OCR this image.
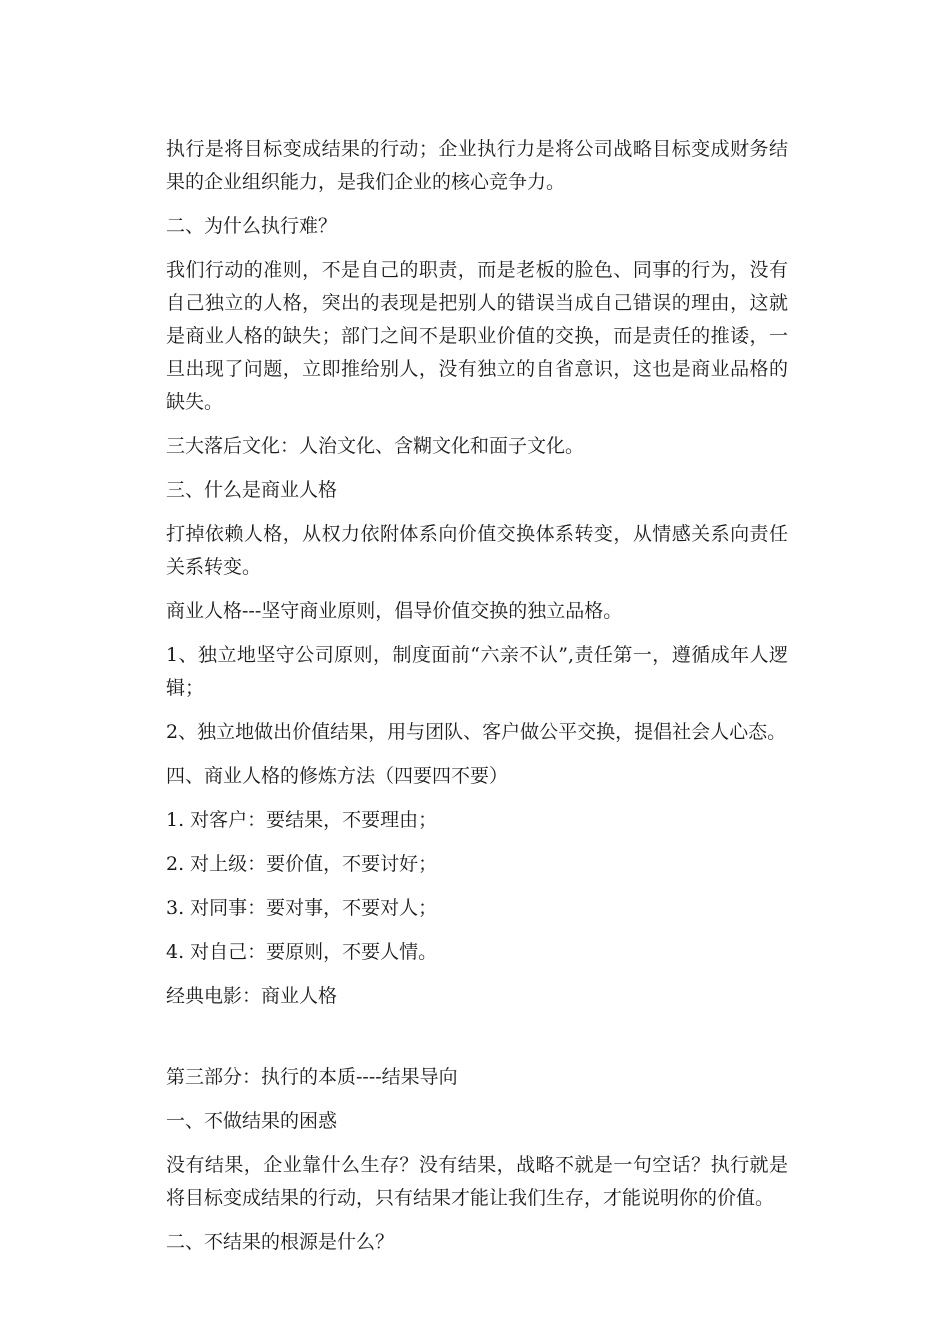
执行是将目标变成结果的行动；企业执行力是将公司战略目标变成财务结果的企业组织能力，是我们企业的核心竞争力。

二、为什么执行难？

我们行动的准则，不是自己的职责，而是老板的脸色、同事的行为，没有自己独立的人格，突出的表现是把别人的错误当成自己错误的理由，这就是商业人格的缺失；部门之间不是职业价值的交换，而是责任的推诿，一旦出现了问题，立即推给别人，没有独立的自省意识，这也是商业品格的缺失。

三大落后文化：人治文化、含糊文化和面子文化。

三、什么是商业人格

打掉依赖人格，从权力依附体系向价值交换体系转变，从情感关系向责任关系转变。

商业人格---坚守商业原则，倡导价值交换的独立品格。

1、独立地坚守公司原则，制度面前“六亲不认”,责任第一，遵循成年人逻辑；

2、独立地做出价值结果，用与团队、客户做公平交换，提倡社会人心态。

四、商业人格的修炼方法（四要四不要）

1. 对客户：要结果，不要理由；

2. 对上级：要价值，不要讨好；

3. 对同事：要对事，不要对人；

4. 对自己：要原则，不要人情。

经典电影：商业人格

第三部分：执行的本质----结果导向

一、不做结果的困惑

没有结果，企业靠什么生存？没有结果，战略不就是一句空话？执行就是将目标变成结果的行动，只有结果才能让我们生存，才能说明你的价值。

二、不结果的根源是什么？
